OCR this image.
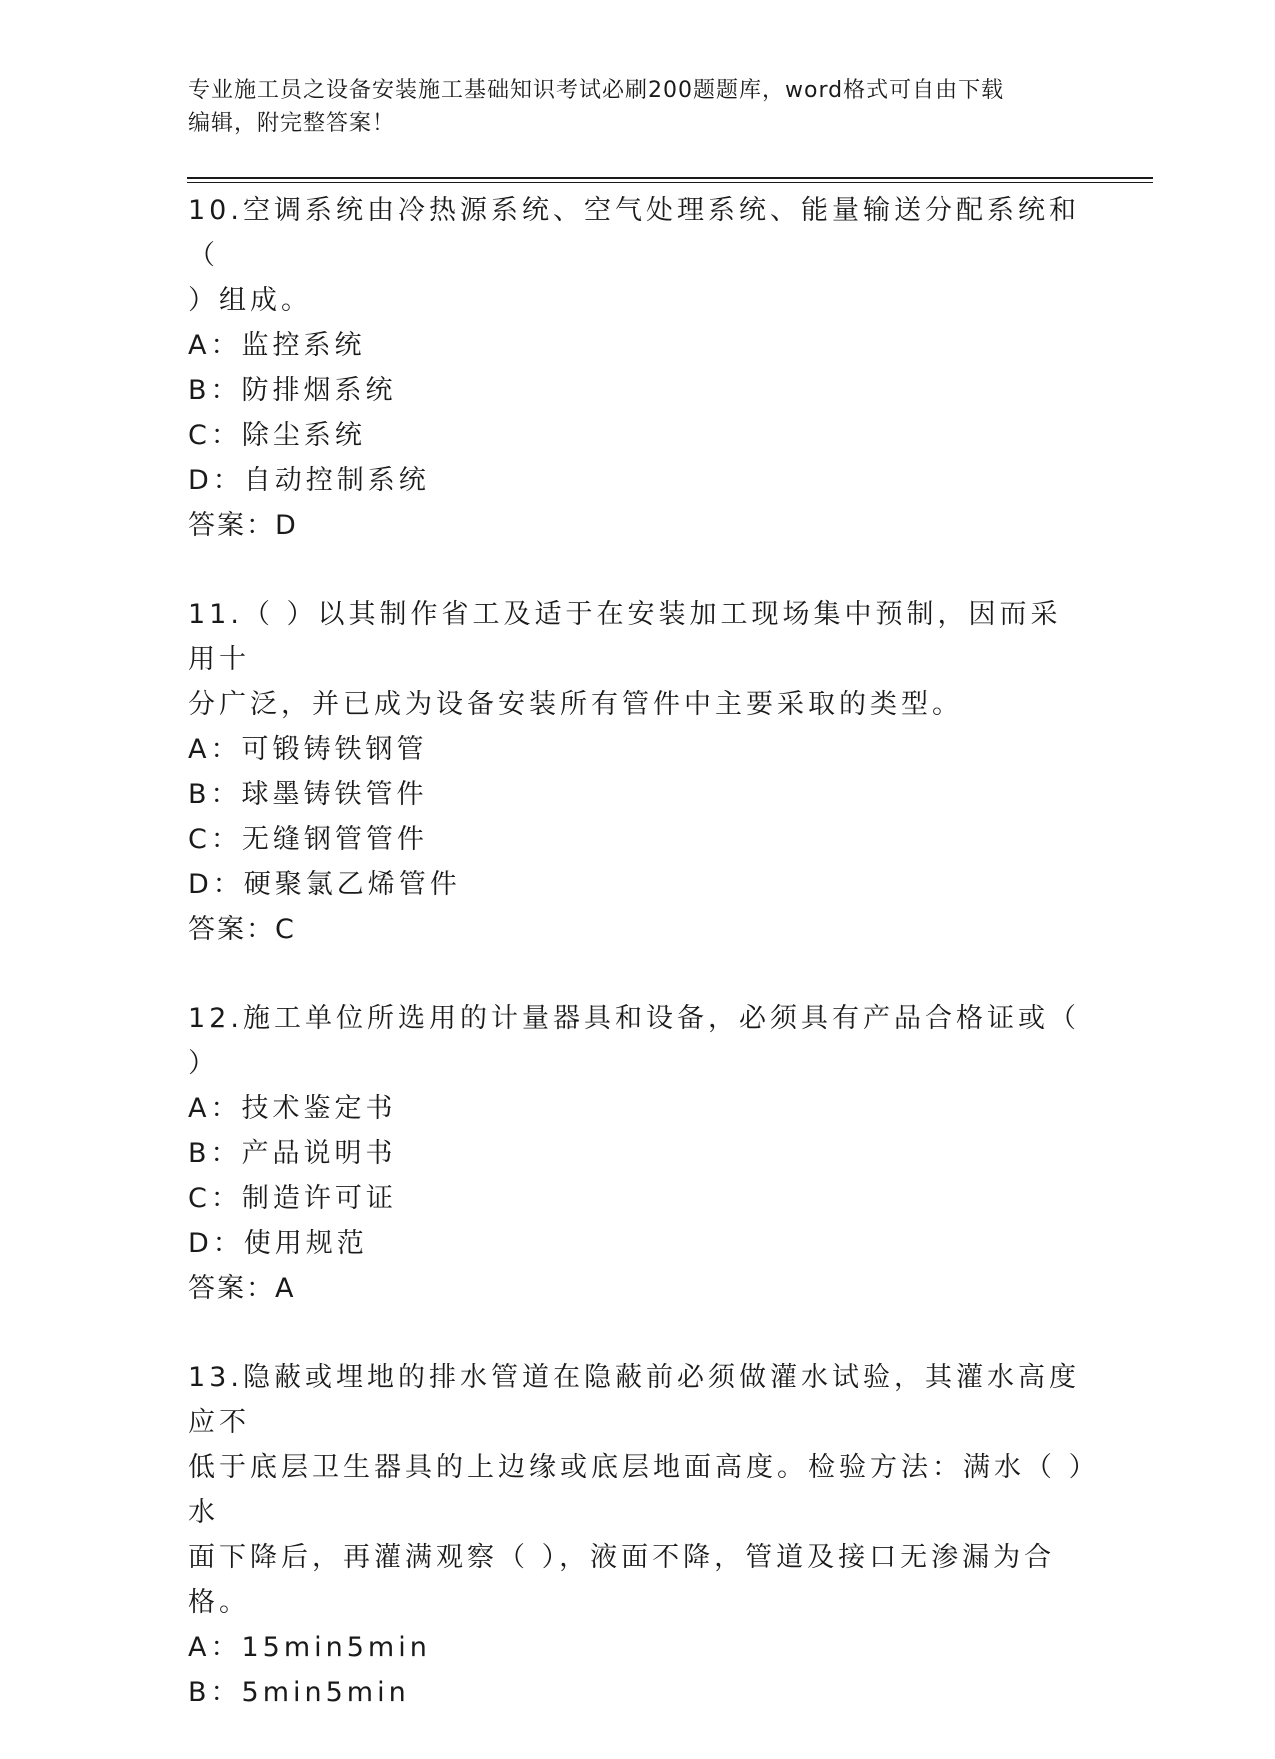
专业施工员之设备安装施工基础知识考试必刷200题题库，word格式可自由下载
编辑，附完整答案！

10.空调系统由冷热源系统、空气处理系统、能量输送分配系统和（

）组成。

A：监控系统

B：防排烟系统

C：除尘系统

D：自动控制系统

答案：D

11.（ ）以其制作省工及适于在安装加工现场集中预制，因而采用十

分广泛，并已成为设备安装所有管件中主要采取的类型。

A：可锻铸铁钢管

B：球墨铸铁管件

C：无缝钢管管件

D：硬聚氯乙烯管件

答案：C

12.施工单位所选用的计量器具和设备，必须具有产品合格证或（ ）

A：技术鉴定书

B：产品说明书

C：制造许可证

D：使用规范

答案：A

13.隐蔽或埋地的排水管道在隐蔽前必须做灌水试验，其灌水高度应不

低于底层卫生器具的上边缘或底层地面高度。检验方法：满水（ ）水

面下降后，再灌满观察（ ），液面不降，管道及接口无渗漏为合格。

A：15min5min

B：5min5min
